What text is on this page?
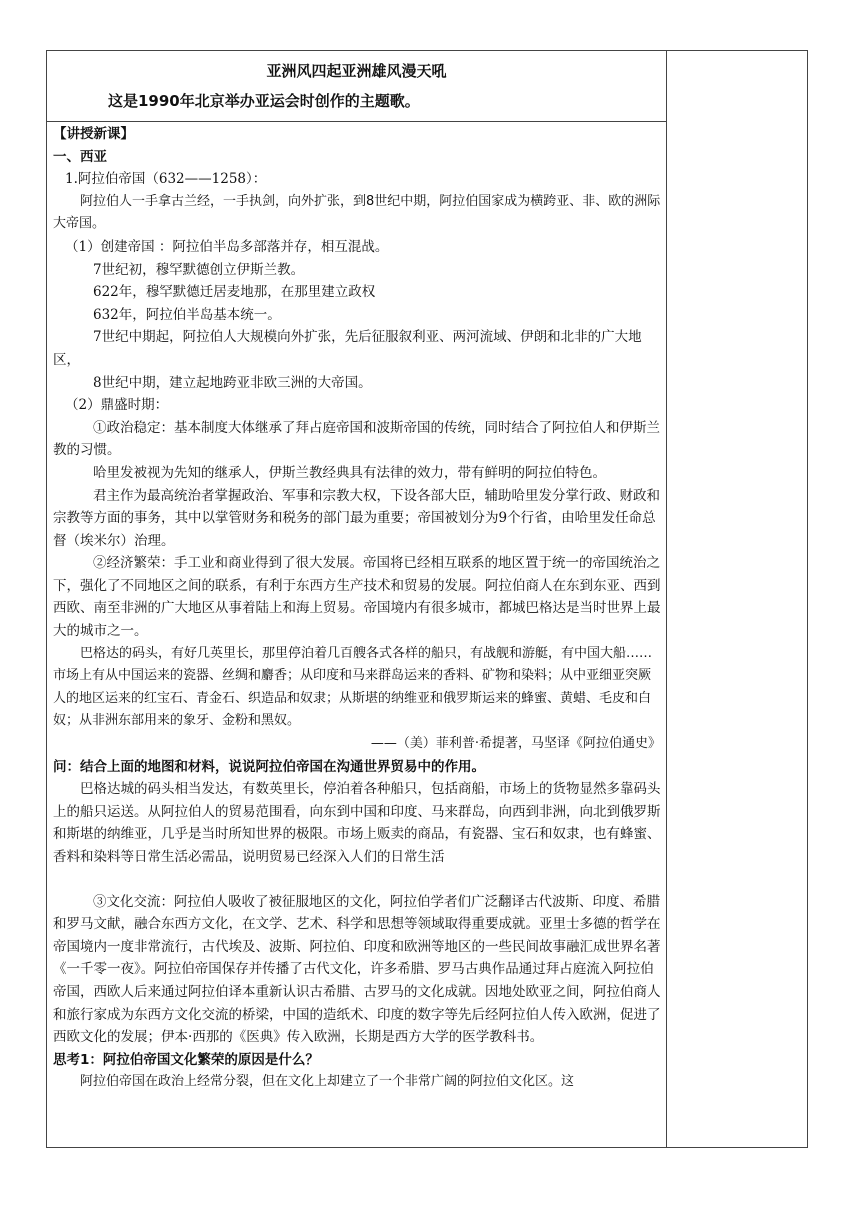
亚洲风四起亚洲雄风漫天吼
这是1990年北京举办亚运会时创作的主题歌。

【讲授新课】

一、西亚

1.阿拉伯帝国（632——1258）：

阿拉伯人一手拿古兰经，一手执剑，向外扩张，到8世纪中期，阿拉伯国家成为横跨亚、非、欧的洲际大帝国。

（1）创建帝国 ：阿拉伯半岛多部落并存，相互混战。

7世纪初，穆罕默德创立伊斯兰教。

622年，穆罕默德迁居麦地那，在那里建立政权

632年，阿拉伯半岛基本统一。

7世纪中期起，阿拉伯人大规模向外扩张，先后征服叙利亚、两河流域、伊朗和北非的广大地区，

8世纪中期，建立起地跨亚非欧三洲的大帝国。

（2）鼎盛时期：

①政治稳定：基本制度大体继承了拜占庭帝国和波斯帝国的传统，同时结合了阿拉伯人和伊斯兰教的习惯。

哈里发被视为先知的继承人，伊斯兰教经典具有法律的效力，带有鲜明的阿拉伯特色。

君主作为最高统治者掌握政治、军事和宗教大权，下设各部大臣，辅助哈里发分掌行政、财政和宗教等方面的事务，其中以掌管财务和税务的部门最为重要；帝国被划分为9个行省，由哈里发任命总督（埃米尔）治理。

②经济繁荣：手工业和商业得到了很大发展。帝国将已经相互联系的地区置于统一的帝国统治之下，强化了不同地区之间的联系，有利于东西方生产技术和贸易的发展。阿拉伯商人在东到东亚、西到西欧、南至非洲的广大地区从事着陆上和海上贸易。帝国境内有很多城市，都城巴格达是当时世界上最大的城市之一。

巴格达的码头，有好几英里长，那里停泊着几百艘各式各样的船只，有战舰和游艇，有中国大船……市场上有从中国运来的瓷器、丝绸和麝香；从印度和马来群岛运来的香料、矿物和染料；从中亚细亚突厥人的地区运来的红宝石、青金石、织造品和奴隶；从斯堪的纳维亚和俄罗斯运来的蜂蜜、黄蜡、毛皮和白奴；从非洲东部用来的象牙、金粉和黑奴。

——（美）菲利普·希提著，马坚译《阿拉伯通史》

问：结合上面的地图和材料，说说阿拉伯帝国在沟通世界贸易中的作用。

巴格达城的码头相当发达，有数英里长，停泊着各种船只，包括商船，市场上的货物显然多靠码头上的船只运送。从阿拉伯人的贸易范围看，向东到中国和印度、马来群岛，向西到非洲，向北到俄罗斯和斯堪的纳维亚，几乎是当时所知世界的极限。市场上贩卖的商品，有瓷器、宝石和奴隶，也有蜂蜜、香料和染料等日常生活必需品，说明贸易已经深入人们的日常生活

③文化交流：阿拉伯人吸收了被征服地区的文化，阿拉伯学者们广泛翻译古代波斯、印度、希腊和罗马文献，融合东西方文化，在文学、艺术、科学和思想等领域取得重要成就。亚里士多德的哲学在帝国境内一度非常流行，古代埃及、波斯、阿拉伯、印度和欧洲等地区的一些民间故事融汇成世界名著《一千零一夜》。阿拉伯帝国保存并传播了古代文化，许多希腊、罗马古典作品通过拜占庭流入阿拉伯帝国，西欧人后来通过阿拉伯译本重新认识古希腊、古罗马的文化成就。因地处欧亚之间，阿拉伯商人和旅行家成为东西方文化交流的桥梁，中国的造纸术、印度的数字等先后经阿拉伯人传入欧洲，促进了西欧文化的发展；伊本·西那的《医典》传入欧洲，长期是西方大学的医学教科书。

思考1：阿拉伯帝国文化繁荣的原因是什么？

阿拉伯帝国在政治上经常分裂，但在文化上却建立了一个非常广阔的阿拉伯文化区。这
